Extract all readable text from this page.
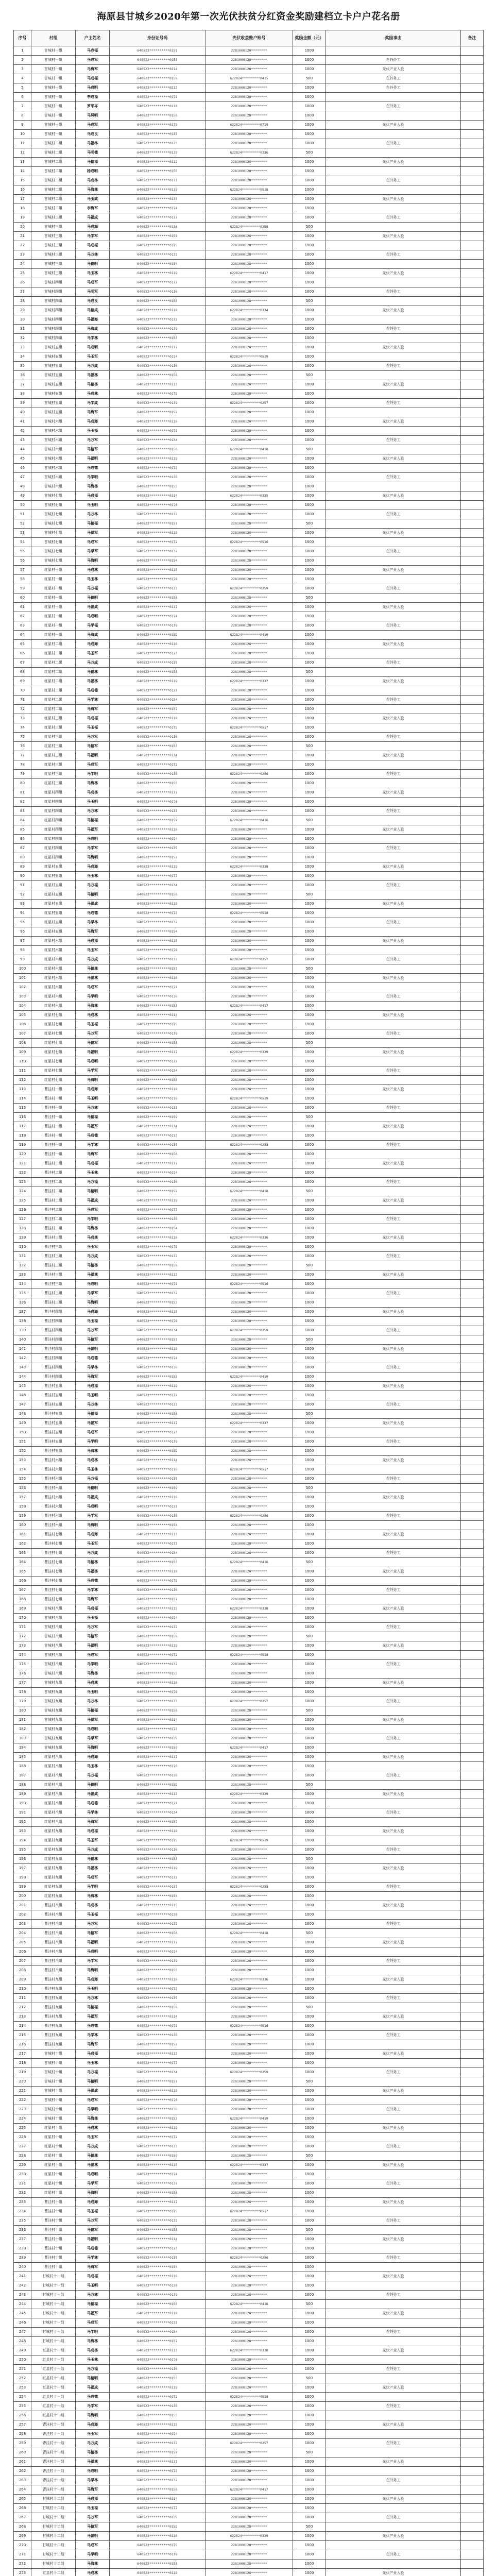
海原县甘城乡2020年第一次光伏扶贫分红资金奖励建档立卡户户花名册
序号	村组	户主姓名	身份证号码	光伏收益账户账号	奖励金额（元）	奖励事由	备注
1	甘城村一组	马克福	640522**********0151	2281000128********	1000		
2	甘城村一组	马成军	640522**********0155	2281000128********	1000	在外务工	
3	甘城村一组	马海军	640522**********0214	2281000128********	1000	光伏产业入股	
4	甘城村一组	马成福	640522**********0158	622824*********0415	500	在外务工	
5	甘城村一组	马成明	640522**********0213	2281000128********	1000	在外务工	
6	甘城村一组	李成福	640522**********0171	2281000128********	1000		
7	甘城村一组	罗军祥	640522**********0118	2281000128********	1000	在外务工	
8	甘城村一组	马凤明	640522**********0156	2281000128********	1000		
9	甘城村一组	马成军	640522**********0179	622824*********0719	1000	光伏产业入股	
10	甘城村一组	马成良	640522**********0135	2281000128********	1000		
11	甘城村二组	马福林	640522**********0173	2281000128********	1000	在外务工	
12	甘城村二组	马明德	640522**********0139	622824*********0336	500		
13	甘城村二组	马德福	640522**********0112	2281000128********	1000	光伏产业入股	
14	甘城村二组	杨成明	640522**********0155	2281000128********	1000		
15	甘城村二组	马成林	640522**********0171	2281000128********	1000	在外务工	
16	甘城村二组	马海林	640522**********0119	622824*********0518	1000		
17	甘城村二组	马玉成	640522**********0133	2281000128********	1000	光伏产业入股	
18	甘城村二组	李海军	640522**********0174	2281000128********	1000		
19	甘城村三组	马福成	640522**********0117	2281000128********	1000	在外务工	
20	甘城村三组	马成海	640522**********0136	622824*********0258	500		
21	甘城村三组	马学军	640522**********0158	2281000128********	1000	光伏产业入股	
22	甘城村三组	马成福	640522**********0175	2281000128********	1000		
23	甘城村三组	马万林	640522**********0132	2281000128********	1000	在外务工	
24	甘城村三组	马德明	640522**********0154	2281000128********	1000		
25	甘城村三组	马玉林	640522**********0119	622824*********0417	1000	光伏产业入股	
26	甘城村四组	马成军	640522**********0177	2281000128********	1000		
27	甘城村四组	马明军	640522**********0136	2281000128********	1000	在外务工	
28	甘城村四组	马成良	640522**********0155	2281000128********	500		
29	甘城村四组	马德成	640522**********0118	622824*********0334	1000	光伏产业入股	
30	甘城村四组	马福海	640522**********0172	2281000128********	1000		
31	甘城村四组	马海成	640522**********0139	2281000128********	1000	在外务工	
32	甘城村四组	马学林	640522**********0153	2281000128********	1000		
33	甘城村五组	马成明	640522**********0117	2281000128********	1000	光伏产业入股	
34	甘城村五组	马玉军	640522**********0174	622824*********0519	1000		
35	甘城村五组	马万成	640522**********0136	2281000128********	1000	在外务工	
36	甘城村五组	马福林	640522**********0158	2281000128********	500		
37	甘城村五组	马德林	640522**********0113	2281000128********	1000	光伏产业入股	
38	甘城村五组	马成林	640522**********0175	2281000128********	1000		
39	甘城村五组	马学成	640522**********0139	622824*********0257	1000	在外务工	
40	甘城村五组	马海军	640522**********0152	2281000128********	1000		
41	甘城村六组	马成海	640522**********0116	2281000128********	1000	光伏产业入股	
42	甘城村六组	马玉福	640522**********0171	2281000128********	1000		
43	甘城村六组	马万军	640522**********0134	2281000128********	1000	在外务工	
44	甘城村六组	马德军	640522**********0156	622824*********0418	500		
45	甘城村六组	马福明	640522**********0119	2281000128********	1000	光伏产业入股	
46	甘城村六组	马成德	640522**********0173	2281000128********	1000		
47	甘城村六组	马学明	640522**********0138	2281000128********	1000	在外务工	
48	甘城村六组	马海林	640522**********0155	2281000128********	1000		
49	甘城村七组	马成福	640522**********0114	622824*********0335	1000	光伏产业入股	
50	甘城村七组	马玉明	640522**********0176	2281000128********	1000		
51	甘城村七组	马万林	640522**********0132	2281000128********	1000	在外务工	
52	甘城村七组	马德福	640522**********0157	2281000128********	500		
53	甘城村七组	马福军	640522**********0118	2281000128********	1000	光伏产业入股	
54	甘城村七组	马成军	640522**********0172	622824*********0516	1000		
55	甘城村七组	马学军	640522**********0137	2281000128********	1000	在外务工	
56	甘城村七组	马海明	640522**********0154	2281000128********	1000		
57	红星村一组	马成林	640522**********0115	2281000128********	1000	光伏产业入股	
58	红星村一组	马玉林	640522**********0178	2281000128********	1000		
59	红星村一组	马万福	640522**********0133	622824*********0259	1000	在外务工	
60	红星村一组	马德明	640522**********0156	2281000128********	500		
61	红星村一组	马福成	640522**********0117	2281000128********	1000	光伏产业入股	
62	红星村一组	马成明	640522**********0174	2281000128********	1000		
63	红星村一组	马学福	640522**********0139	2281000128********	1000	在外务工	
64	红星村一组	马海成	640522**********0152	622824*********0419	1000		
65	红星村二组	马成海	640522**********0116	2281000128********	1000	光伏产业入股	
66	红星村二组	马玉军	640522**********0173	2281000128********	1000		
67	红星村二组	马万成	640522**********0135	2281000128********	1000	在外务工	
68	红星村二组	马德林	640522**********0158	2281000128********	500		
69	红星村二组	马福林	640522**********0119	622824*********0337	1000	光伏产业入股	
70	红星村二组	马成德	640522**********0171	2281000128********	1000		
71	红星村二组	马学林	640522**********0134	2281000128********	1000	在外务工	
72	红星村二组	马海军	640522**********0157	2281000128********	1000		
73	红星村三组	马成福	640522**********0118	2281000128********	1000	光伏产业入股	
74	红星村三组	马玉福	640522**********0175	622824*********0517	1000		
75	红星村三组	马万军	640522**********0136	2281000128********	1000	在外务工	
76	红星村三组	马德军	640522**********0153	2281000128********	500		
77	红星村三组	马福明	640522**********0114	2281000128********	1000	光伏产业入股	
78	红星村三组	马成军	640522**********0172	2281000128********	1000		
79	红星村三组	马学明	640522**********0138	622824*********0256	1000	在外务工	
80	红星村三组	马海林	640522**********0155	2281000128********	1000		
81	红星村四组	马成林	640522**********0117	2281000128********	1000	光伏产业入股	
82	红星村四组	马玉明	640522**********0176	2281000128********	1000		
83	红星村四组	马万林	640522**********0133	2281000128********	1000	在外务工	
84	红星村四组	马德福	640522**********0159	622824*********0416	500		
85	红星村四组	马福军	640522**********0116	2281000128********	1000	光伏产业入股	
86	红星村四组	马成明	640522**********0174	2281000128********	1000		
87	红星村四组	马学军	640522**********0135	2281000128********	1000	在外务工	
88	红星村四组	马海明	640522**********0152	2281000128********	1000		
89	红星村五组	马成海	640522**********0119	622824*********0338	1000	光伏产业入股	
90	红星村五组	马玉林	640522**********0177	2281000128********	1000		
91	红星村五组	马万福	640522**********0134	2281000128********	1000	在外务工	
92	红星村五组	马德明	640522**********0156	2281000128********	500		
93	红星村五组	马福成	640522**********0118	2281000128********	1000	光伏产业入股	
94	红星村五组	马成德	640522**********0173	622824*********0518	1000		
95	红星村五组	马学林	640522**********0137	2281000128********	1000	在外务工	
96	红星村五组	马海军	640522**********0154	2281000128********	1000		
97	红星村六组	马成福	640522**********0115	2281000128********	1000	光伏产业入股	
98	红星村六组	马玉军	640522**********0178	2281000128********	1000		
99	红星村六组	马万成	640522**********0132	622824*********0257	1000	在外务工	
100	红星村六组	马德林	640522**********0157	2281000128********	500		
101	红星村六组	马福林	640522**********0116	2281000128********	1000	光伏产业入股	
102	红星村六组	马成军	640522**********0171	2281000128********	1000		
103	红星村六组	马学明	640522**********0136	2281000128********	1000	在外务工	
104	红星村六组	马海林	640522**********0153	622824*********0417	1000		
105	红星村七组	马成林	640522**********0114	2281000128********	1000	光伏产业入股	
106	红星村七组	马玉福	640522**********0175	2281000128********	1000		
107	红星村七组	马万军	640522**********0139	2281000128********	1000	在外务工	
108	红星村七组	马德军	640522**********0158	2281000128********	500		
109	红星村七组	马福明	640522**********0117	622824*********0339	1000	光伏产业入股	
110	红星村七组	马成明	640522**********0172	2281000128********	1000		
111	红星村七组	马学军	640522**********0134	2281000128********	1000	在外务工	
112	红星村七组	马海明	640522**********0155	2281000128********	1000		
113	曹洼村一组	马成海	640522**********0118	2281000128********	1000	光伏产业入股	
114	曹洼村一组	马玉明	640522**********0176	622824*********0519	1000		
115	曹洼村一组	马万林	640522**********0133	2281000128********	1000	在外务工	
116	曹洼村一组	马德福	640522**********0159	2281000128********	500		
117	曹洼村一组	马福军	640522**********0114	2281000128********	1000	光伏产业入股	
118	曹洼村一组	马成德	640522**********0173	2281000128********	1000		
119	曹洼村一组	马学林	640522**********0135	622824*********0258	1000	在外务工	
120	曹洼村一组	马海军	640522**********0156	2281000128********	1000		
121	曹洼村二组	马成福	640522**********0117	2281000128********	1000	光伏产业入股	
122	曹洼村二组	马玉林	640522**********0174	2281000128********	1000		
123	曹洼村二组	马万福	640522**********0136	2281000128********	1000	在外务工	
124	曹洼村二组	马德明	640522**********0152	622824*********0418	500		
125	曹洼村二组	马福成	640522**********0119	2281000128********	1000	光伏产业入股	
126	曹洼村二组	马成军	640522**********0177	2281000128********	1000		
127	曹洼村二组	马学明	640522**********0138	2281000128********	1000	在外务工	
128	曹洼村二组	马海林	640522**********0154	2281000128********	1000		
129	曹洼村三组	马成林	640522**********0116	622824*********0336	1000	光伏产业入股	
130	曹洼村三组	马玉军	640522**********0175	2281000128********	1000		
131	曹洼村三组	马万成	640522**********0132	2281000128********	1000	在外务工	
132	曹洼村三组	马德林	640522**********0158	2281000128********	500		
133	曹洼村三组	马福林	640522**********0113	2281000128********	1000	光伏产业入股	
134	曹洼村三组	马成明	640522**********0171	622824*********0516	1000		
135	曹洼村三组	马学军	640522**********0137	2281000128********	1000	在外务工	
136	曹洼村三组	马海明	640522**********0153	2281000128********	1000		
137	曹洼村四组	马成海	640522**********0115	2281000128********	1000	光伏产业入股	
138	曹洼村四组	马玉福	640522**********0178	2281000128********	1000		
139	曹洼村四组	马万军	640522**********0134	622824*********0259	1000	在外务工	
140	曹洼村四组	马德军	640522**********0157	2281000128********	500		
141	曹洼村四组	马福明	640522**********0118	2281000128********	1000	光伏产业入股	
142	曹洼村四组	马成德	640522**********0174	2281000128********	1000		
143	曹洼村四组	马学林	640522**********0136	2281000128********	1000	在外务工	
144	曹洼村四组	马海军	640522**********0155	622824*********0419	1000		
145	曹洼村五组	马成福	640522**********0119	2281000128********	1000	光伏产业入股	
146	曹洼村五组	马玉明	640522**********0172	2281000128********	1000		
147	曹洼村五组	马万林	640522**********0133	2281000128********	1000	在外务工	
148	曹洼村五组	马德福	640522**********0156	2281000128********	500		
149	曹洼村五组	马福军	640522**********0117	622824*********0337	1000	光伏产业入股	
150	曹洼村五组	马成军	640522**********0173	2281000128********	1000		
151	曹洼村五组	马学明	640522**********0139	2281000128********	1000	在外务工	
152	曹洼村五组	马海林	640522**********0152	2281000128********	1000		
153	曹洼村六组	马成林	640522**********0114	2281000128********	1000	光伏产业入股	
154	曹洼村六组	马玉林	640522**********0176	622824*********0517	1000		
155	曹洼村六组	马万福	640522**********0135	2281000128********	1000	在外务工	
156	曹洼村六组	马德明	640522**********0159	2281000128********	500		
157	曹洼村六组	马福成	640522**********0116	2281000128********	1000	光伏产业入股	
158	曹洼村六组	马成明	640522**********0171	2281000128********	1000		
159	曹洼村六组	马学军	640522**********0138	622824*********0256	1000	在外务工	
160	曹洼村六组	马海明	640522**********0154	2281000128********	1000		
161	曹洼村七组	马成海	640522**********0113	2281000128********	1000	光伏产业入股	
162	曹洼村七组	马玉军	640522**********0177	2281000128********	1000		
163	曹洼村七组	马万成	640522**********0134	2281000128********	1000	在外务工	
164	曹洼村七组	马德林	640522**********0153	622824*********0416	500		
165	曹洼村七组	马福林	640522**********0118	2281000128********	1000	光伏产业入股	
166	曹洼村七组	马成德	640522**********0175	2281000128********	1000		
167	曹洼村七组	马学林	640522**********0136	2281000128********	1000	在外务工	
168	曹洼村七组	马海军	640522**********0157	2281000128********	1000		
169	甘城村八组	马成福	640522**********0115	622824*********0338	1000	光伏产业入股	
170	甘城村八组	马玉福	640522**********0174	2281000128********	1000		
171	甘城村八组	马万军	640522**********0132	2281000128********	1000	在外务工	
172	甘城村八组	马德军	640522**********0158	2281000128********	500		
173	甘城村八组	马福明	640522**********0119	2281000128********	1000	光伏产业入股	
174	甘城村八组	马成军	640522**********0172	622824*********0518	1000		
175	甘城村八组	马学明	640522**********0137	2281000128********	1000	在外务工	
176	甘城村八组	马海林	640522**********0155	2281000128********	1000		
177	甘城村九组	马成林	640522**********0116	2281000128********	1000	光伏产业入股	
178	甘城村九组	马玉明	640522**********0178	2281000128********	1000		
179	甘城村九组	马万林	640522**********0133	622824*********0257	1000	在外务工	
180	甘城村九组	马德福	640522**********0156	2281000128********	500		
181	甘城村九组	马福军	640522**********0114	2281000128********	1000	光伏产业入股	
182	甘城村九组	马成明	640522**********0173	2281000128********	1000		
183	甘城村九组	马学军	640522**********0135	2281000128********	1000	在外务工	
184	甘城村九组	马海明	640522**********0159	622824*********0417	1000		
185	红星村八组	马成海	640522**********0117	2281000128********	1000	光伏产业入股	
186	红星村八组	马玉林	640522**********0176	2281000128********	1000		
187	红星村八组	马万福	640522**********0138	2281000128********	1000	在外务工	
188	红星村八组	马德明	640522**********0152	2281000128********	500		
189	红星村八组	马福成	640522**********0113	622824*********0339	1000	光伏产业入股	
190	红星村八组	马成德	640522**********0171	2281000128********	1000		
191	红星村八组	马学林	640522**********0134	2281000128********	1000	在外务工	
192	红星村八组	马海军	640522**********0157	2281000128********	1000		
193	红星村九组	马成福	640522**********0118	2281000128********	1000	光伏产业入股	
194	红星村九组	马玉军	640522**********0175	622824*********0519	1000		
195	红星村九组	马万成	640522**********0136	2281000128********	1000	在外务工	
196	红星村九组	马德林	640522**********0153	2281000128********	500		
197	红星村九组	马福林	640522**********0119	2281000128********	1000	光伏产业入股	
198	红星村九组	马成军	640522**********0172	2281000128********	1000		
199	红星村九组	马学明	640522**********0137	622824*********0258	1000	在外务工	
200	红星村九组	马海林	640522**********0154	2281000128********	1000		
201	曹洼村八组	马成林	640522**********0115	2281000128********	1000	光伏产业入股	
202	曹洼村八组	马玉福	640522**********0178	2281000128********	1000		
203	曹洼村八组	马万军	640522**********0132	2281000128********	1000	在外务工	
204	曹洼村八组	马德军	640522**********0156	622824*********0418	500		
205	曹洼村八组	马福明	640522**********0117	2281000128********	1000	光伏产业入股	
206	曹洼村八组	马成明	640522**********0174	2281000128********	1000		
207	曹洼村八组	马学军	640522**********0139	2281000128********	1000	在外务工	
208	曹洼村八组	马海明	640522**********0155	2281000128********	1000		
209	曹洼村九组	马成海	640522**********0116	622824*********0336	1000	光伏产业入股	
210	曹洼村九组	马玉明	640522**********0173	2281000128********	1000		
211	曹洼村九组	马万林	640522**********0135	2281000128********	1000	在外务工	
212	曹洼村九组	马德福	640522**********0158	2281000128********	500		
213	曹洼村九组	马福军	640522**********0114	2281000128********	1000	光伏产业入股	
214	曹洼村九组	马成德	640522**********0171	622824*********0516	1000		
215	曹洼村九组	马学林	640522**********0138	2281000128********	1000	在外务工	
216	曹洼村九组	马海军	640522**********0152	2281000128********	1000		
217	甘城村十组	马成福	640522**********0113	2281000128********	1000	光伏产业入股	
218	甘城村十组	马玉林	640522**********0177	2281000128********	1000		
219	甘城村十组	马万福	640522**********0134	622824*********0259	1000	在外务工	
220	甘城村十组	马德明	640522**********0157	2281000128********	500		
221	甘城村十组	马福成	640522**********0118	2281000128********	1000	光伏产业入股	
222	甘城村十组	马成军	640522**********0176	2281000128********	1000		
223	甘城村十组	马学明	640522**********0136	2281000128********	1000	在外务工	
224	甘城村十组	马海林	640522**********0153	622824*********0419	1000		
225	红星村十组	马成林	640522**********0119	2281000128********	1000	光伏产业入股	
226	红星村十组	马玉军	640522**********0172	2281000128********	1000		
227	红星村十组	马万成	640522**********0133	2281000128********	1000	在外务工	
228	红星村十组	马德林	640522**********0159	2281000128********	500		
229	红星村十组	马福林	640522**********0115	622824*********0337	1000	光伏产业入股	
230	红星村十组	马成明	640522**********0174	2281000128********	1000		
231	红星村十组	马学军	640522**********0137	2281000128********	1000	在外务工	
232	红星村十组	马海明	640522**********0156	2281000128********	1000		
233	曹洼村十组	马成海	640522**********0117	2281000128********	1000	光伏产业入股	
234	曹洼村十组	马玉福	640522**********0175	622824*********0517	1000		
235	曹洼村十组	马万军	640522**********0132	2281000128********	1000	在外务工	
236	曹洼村十组	马德军	640522**********0158	2281000128********	500		
237	曹洼村十组	马福明	640522**********0114	2281000128********	1000	光伏产业入股	
238	曹洼村十组	马成德	640522**********0173	2281000128********	1000		
239	曹洼村十组	马学林	640522**********0135	622824*********0256	1000	在外务工	
240	曹洼村十组	马海军	640522**********0154	2281000128********	1000		
241	甘城村十一组	马成福	640522**********0116	2281000128********	1000	光伏产业入股	
242	甘城村十一组	马玉明	640522**********0178	2281000128********	1000		
243	甘城村十一组	马万林	640522**********0139	2281000128********	1000	在外务工	
244	甘城村十一组	马德福	640522**********0155	622824*********0416	500		
245	甘城村十一组	马福军	640522**********0118	2281000128********	1000	光伏产业入股	
246	甘城村十一组	马成军	640522**********0171	2281000128********	1000		
247	甘城村十一组	马学明	640522**********0134	2281000128********	1000	在外务工	
248	甘城村十一组	马海林	640522**********0157	2281000128********	1000		
249	红星村十一组	马成林	640522**********0113	622824*********0338	1000	光伏产业入股	
250	红星村十一组	马玉林	640522**********0176	2281000128********	1000		
251	红星村十一组	马万福	640522**********0136	2281000128********	1000	在外务工	
252	红星村十一组	马德明	640522**********0153	2281000128********	500		
253	红星村十一组	马福成	640522**********0119	2281000128********	1000	光伏产业入股	
254	红星村十一组	马成德	640522**********0172	622824*********0518	1000		
255	红星村十一组	马学军	640522**********0138	2281000128********	1000	在外务工	
256	红星村十一组	马海明	640522**********0155	2281000128********	1000		
257	曹洼村十一组	马成海	640522**********0115	2281000128********	1000	光伏产业入股	
258	曹洼村十一组	马玉军	640522**********0174	2281000128********	1000		
259	曹洼村十一组	马万成	640522**********0132	622824*********0257	1000	在外务工	
260	曹洼村十一组	马德林	640522**********0159	2281000128********	500		
261	曹洼村十一组	马福林	640522**********0117	2281000128********	1000	光伏产业入股	
262	曹洼村十一组	马成明	640522**********0173	2281000128********	1000		
263	曹洼村十一组	马学林	640522**********0137	2281000128********	1000	在外务工	
264	曹洼村十一组	马海军	640522**********0156	622824*********0417	1000		
265	甘城村十二组	马成福	640522**********0114	2281000128********	1000	光伏产业入股	
266	甘城村十二组	马玉福	640522**********0177	2281000128********	1000		
267	甘城村十二组	马万军	640522**********0135	2281000128********	1000	在外务工	
268	甘城村十二组	马德军	640522**********0152	2281000128********	500		
269	甘城村十二组	马福明	640522**********0116	622824*********0339	1000	光伏产业入股	
270	甘城村十二组	马成军	640522**********0175	2281000128********	1000		
271	甘城村十二组	马学明	640522**********0139	2281000128********	1000	在外务工	
272	甘城村十二组	马海林	640522**********0158	2281000128********	1000		
273	红星村十二组	马成林	640522**********0118	2281000128********	1000	光伏产业入股	
